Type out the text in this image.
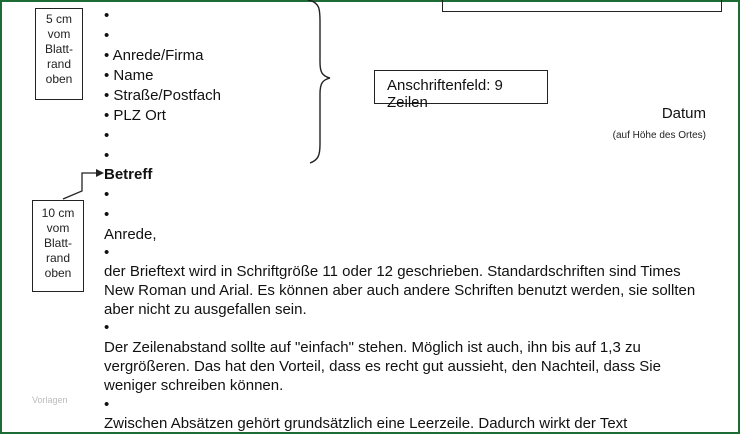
5 cm
vom
Blatt-
rand
oben
10 cm
vom
Blatt-
rand
oben
Anschriftenfeld: 9 Zeilen
•
•
• Anrede/Firma
• Name
• Straße/Postfach
• PLZ Ort
•
•
Datum
(auf Höhe des Ortes)
Betreff
•
•
Anrede,
•
der Brieftext wird in Schriftgröße 11 oder 12 geschrieben. Standardschriften sind Times New Roman und Arial. Es können aber auch andere Schriften benutzt werden, sie sollten aber nicht zu ausgefallen sein.
•
Der Zeilenabstand sollte auf "einfach" stehen. Möglich ist auch, ihn bis auf 1,3 zu vergrößeren. Das hat den Vorteil, dass es recht gut aussieht, den Nachteil, dass Sie weniger schreiben können.
•
Zwischen Absätzen gehört grundsätzlich eine Leerzeile. Dadurch wirkt der Text
Vorlagen
